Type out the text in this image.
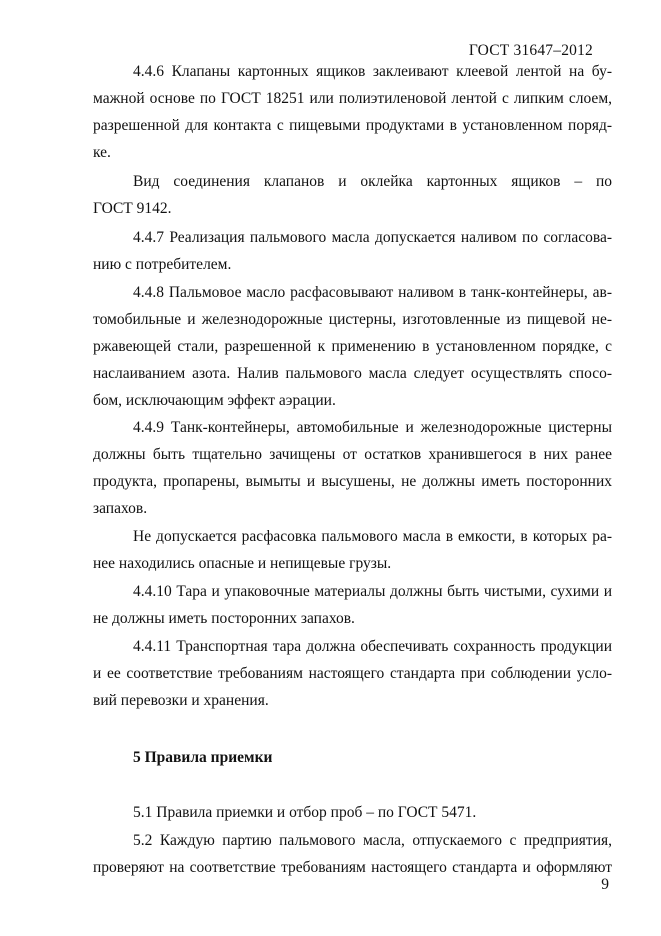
ГОСТ 31647–2012
4.4.6 Клапаны картонных ящиков заклеивают клеевой лентой на бу-
мажной основе по ГОСТ 18251 или полиэтиленовой лентой с липким слоем,
разрешенной для контакта с пищевыми продуктами в установленном поряд-
ке.
Вид соединения клапанов и оклейка картонных ящиков – по
ГОСТ 9142.
4.4.7 Реализация пальмового масла допускается наливом по согласова-
нию с потребителем.
4.4.8 Пальмовое масло расфасовывают наливом в танк-контейнеры, ав-
томобильные и железнодорожные цистерны, изготовленные из пищевой не-
ржавеющей стали, разрешенной к применению в установленном порядке, с
наслаиванием азота. Налив пальмового масла следует осуществлять спосо-
бом, исключающим эффект аэрации.
4.4.9 Танк-контейнеры, автомобильные и железнодорожные цистерны
должны быть тщательно зачищены от остатков хранившегося в них ранее
продукта, пропарены, вымыты и высушены, не должны иметь посторонних
запахов.
Не допускается расфасовка пальмового масла в емкости, в которых ра-
нее находились опасные и непищевые грузы.
4.4.10 Тара и упаковочные материалы должны быть чистыми, сухими и
не должны иметь посторонних запахов.
4.4.11 Транспортная тара должна обеспечивать сохранность продукции
и ее соответствие требованиям настоящего стандарта при соблюдении усло-
вий перевозки и хранения.
5 Правила приемки
5.1 Правила приемки и отбор проб – по ГОСТ 5471.
5.2 Каждую партию пальмового масла, отпускаемого с предприятия,
проверяют на соответствие требованиям настоящего стандарта и оформляют
9
